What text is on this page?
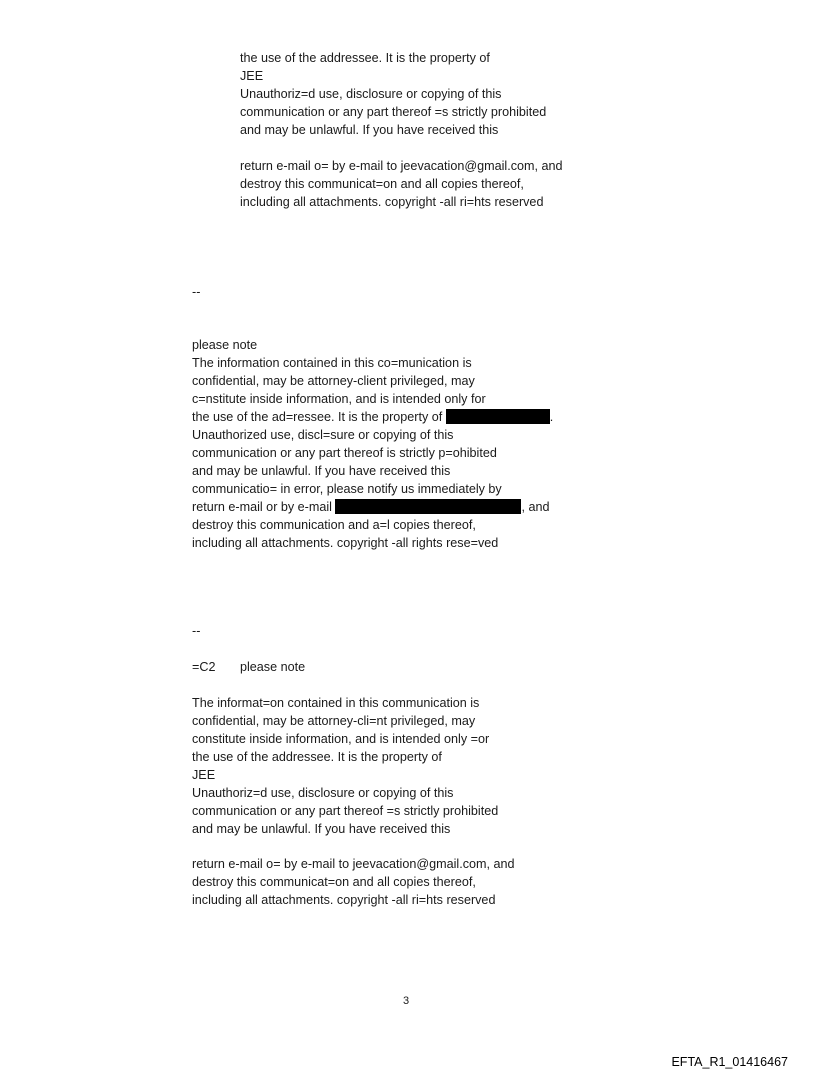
the use of the addressee. It is the property of
JEE
Unauthoriz=d use, disclosure or copying of this
communication or any part thereof =s strictly prohibited
and may be unlawful. If you have received this
return e-mail o= by e-mail to jeevacation@gmail.com, and
destroy this communicat=on and all copies thereof,
including all attachments. copyright -all ri=hts reserved
--
please note
The information contained in this co=munication is
confidential, may be attorney-client privileged, may
c=nstitute inside information, and is intended only for
the use of the ad=ressee. It is the property of	.
Unauthorized use, discl=sure or copying of this
communication or any part thereof is strictly p=ohibited
and may be unlawful. If you have received this
communicatio= in error, please notify us immediately by
return e-mail or by e-mail	, and
destroy this communication and a=l copies thereof,
including all attachments. copyright -all rights rese=ved
--
=C2 please note
The informat=on contained in this communication is
confidential, may be attorney-cli=nt privileged, may
constitute inside information, and is intended only =or
the use of the addressee. It is the property of
JEE
Unauthoriz=d use, disclosure or copying of this
communication or any part thereof =s strictly prohibited
and may be unlawful. If you have received this
return e-mail o= by e-mail to jeevacation@gmail.com, and
destroy this communicat=on and all copies thereof,
including all attachments. copyright -all ri=hts reserved
3
EFTA_R1_01416467
